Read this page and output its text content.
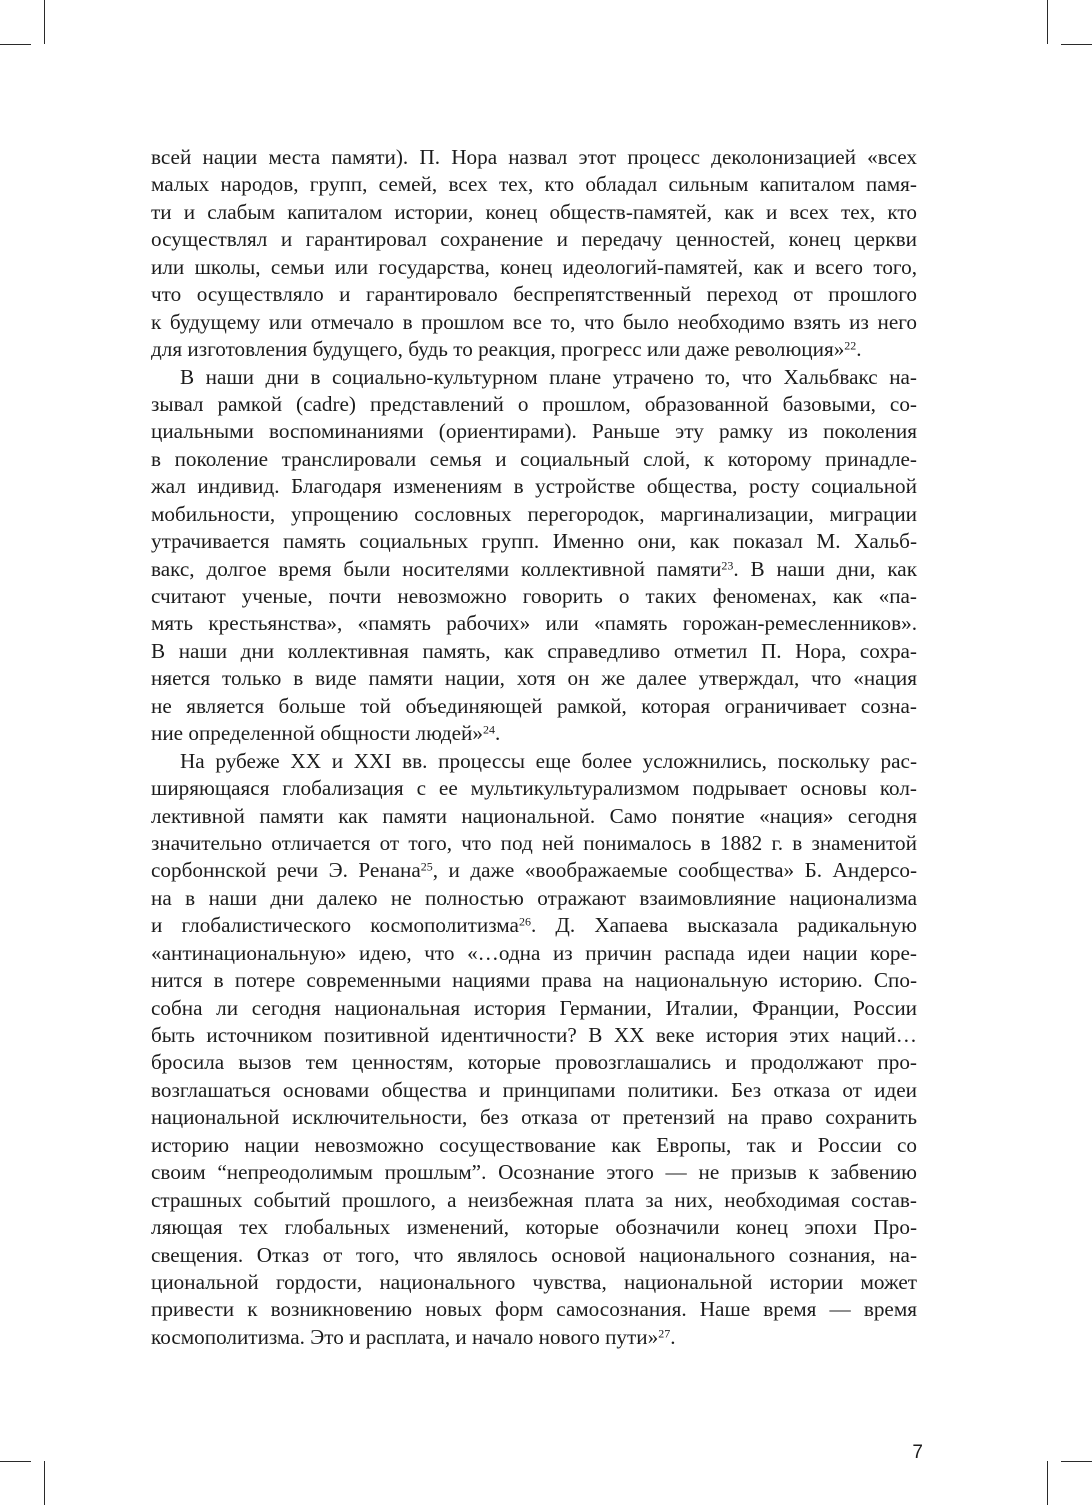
всей нации места памяти). П. Нора назвал этот процесс деколонизацией «всех
малых народов, групп, семей, всех тех, кто обладал сильным капиталом памя-
ти и слабым капиталом истории, конец обществ-памятей, как и всех тех, кто
осуществлял и гарантировал сохранение и передачу ценностей, конец церкви
или школы, семьи или государства, конец идеологий-памятей, как и всего того,
что осуществляло и гарантировало беспрепятственный переход от прошлого
к будущему или отмечало в прошлом все то, что было необходимо взять из него
для изготовления будущего, будь то реакция, прогресс или даже революция»$^{22}$.
В наши дни в социально-культурном плане утрачено то, что Хальбвакс на-
зывал рамкой (cadre) представлений о прошлом, образованной базовыми, со-
циальными воспоминаниями (ориентирами). Раньше эту рамку из поколения
в поколение транслировали семья и социальный слой, к которому принадле-
жал индивид. Благодаря изменениям в устройстве общества, росту социальной
мобильности, упрощению сословных перегородок, маргинализации, миграции
утрачивается память социальных групп. Именно они, как показал М. Хальб-
вакс, долгое время были носителями коллективной памяти$^{23}$. В наши дни, как
считают ученые, почти невозможно говорить о таких феноменах, как «па-
мять крестьянства», «память рабочих» или «память горожан-ремесленников».
В наши дни коллективная память, как справедливо отметил П. Нора, сохра-
няется только в виде памяти нации, хотя он же далее утверждал, что «нация
не является больше той объединяющей рамкой, которая ограничивает созна-
ние определенной общности людей»$^{24}$.
На рубеже XX и XXI вв. процессы еще более усложнились, поскольку рас-
ширяющаяся глобализация с ее мультикультурализмом подрывает основы кол-
лективной памяти как памяти национальной. Само понятие «нация» сегодня
значительно отличается от того, что под ней понималось в 1882 г. в знаменитой
сорбоннской речи Э. Ренана$^{25}$, и даже «воображаемые сообщества» Б. Андерсо-
на в наши дни далеко не полностью отражают взаимовлияние национализма
и глобалистического космополитизма$^{26}$. Д. Хапаева высказала радикальную
«антинациональную» идею, что «…одна из причин распада идеи нации коре-
нится в потере современными нациями права на национальную историю. Спо-
собна ли сегодня национальная история Германии, Италии, Франции, России
быть источником позитивной идентичности? В XX веке история этих наций…
бросила вызов тем ценностям, которые провозглашались и продолжают про-
возглашаться основами общества и принципами политики. Без отказа от идеи
национальной исключительности, без отказа от претензий на право сохранить
историю нации невозможно сосуществование как Европы, так и России со
своим “непреодолимым прошлым”. Осознание этого — не призыв к забвению
страшных событий прошлого, а неизбежная плата за них, необходимая состав-
ляющая тех глобальных изменений, которые обозначили конец эпохи Про-
свещения. Отказ от того, что являлось основой национального сознания, на-
циональной гордости, национального чувства, национальной истории может
привести к возникновению новых форм самосознания. Наше время — время
космополитизма. Это и расплата, и начало нового пути»$^{27}$.
7
